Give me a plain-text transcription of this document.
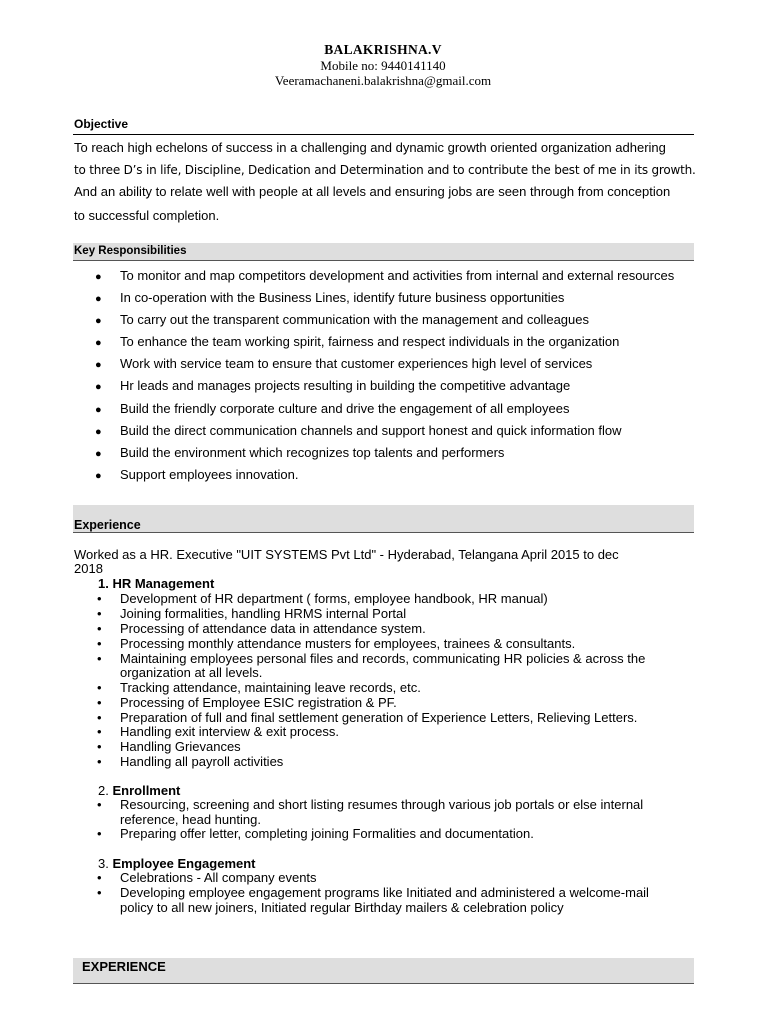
BALAKRISHNA.V
Mobile no: 9440141140
Veeramachaneni.balakrishna@gmail.com
Objective
To reach high echelons of success in a challenging and dynamic growth oriented organization adhering
to three D’s in life, Discipline, Dedication and Determination and to contribute the best of me in its growth.
And an ability to relate well with people at all levels and ensuring jobs are seen through from conception
to successful completion.
Key Responsibilities
● To monitor and map competitors development and activities from internal and external resources
● In co-operation with the Business Lines, identify future business opportunities
● To carry out the transparent communication with the management and colleagues
● To enhance the team working spirit, fairness and respect individuals in the organization
● Work with service team to ensure that customer experiences high level of services
● Hr leads and manages projects resulting in building the competitive advantage
● Build the friendly corporate culture and drive the engagement of all employees
● Build the direct communication channels and support honest and quick information flow
● Build the environment which recognizes top talents and performers
● Support employees innovation.
Experience
Worked as a HR. Executive "UIT SYSTEMS Pvt Ltd" - Hyderabad, Telangana April 2015 to dec
2018
1. HR Management
• Development of HR department ( forms, employee handbook, HR manual)
• Joining formalities, handling HRMS internal Portal
• Processing of attendance data in attendance system.
• Processing monthly attendance musters for employees, trainees & consultants.
• Maintaining employees personal files and records, communicating HR policies & across the
organization at all levels.
• Tracking attendance, maintaining leave records, etc.
• Processing of Employee ESIC registration & PF.
• Preparation of full and final settlement generation of Experience Letters, Relieving Letters.
• Handling exit interview & exit process.
• Handling Grievances
• Handling all payroll activities
2. Enrollment
• Resourcing, screening and short listing resumes through various job portals or else internal
reference, head hunting.
• Preparing offer letter, completing joining Formalities and documentation.
3. Employee Engagement
• Celebrations - All company events
• Developing employee engagement programs like Initiated and administered a welcome-mail
policy to all new joiners, Initiated regular Birthday mailers & celebration policy
EXPERIENCE
